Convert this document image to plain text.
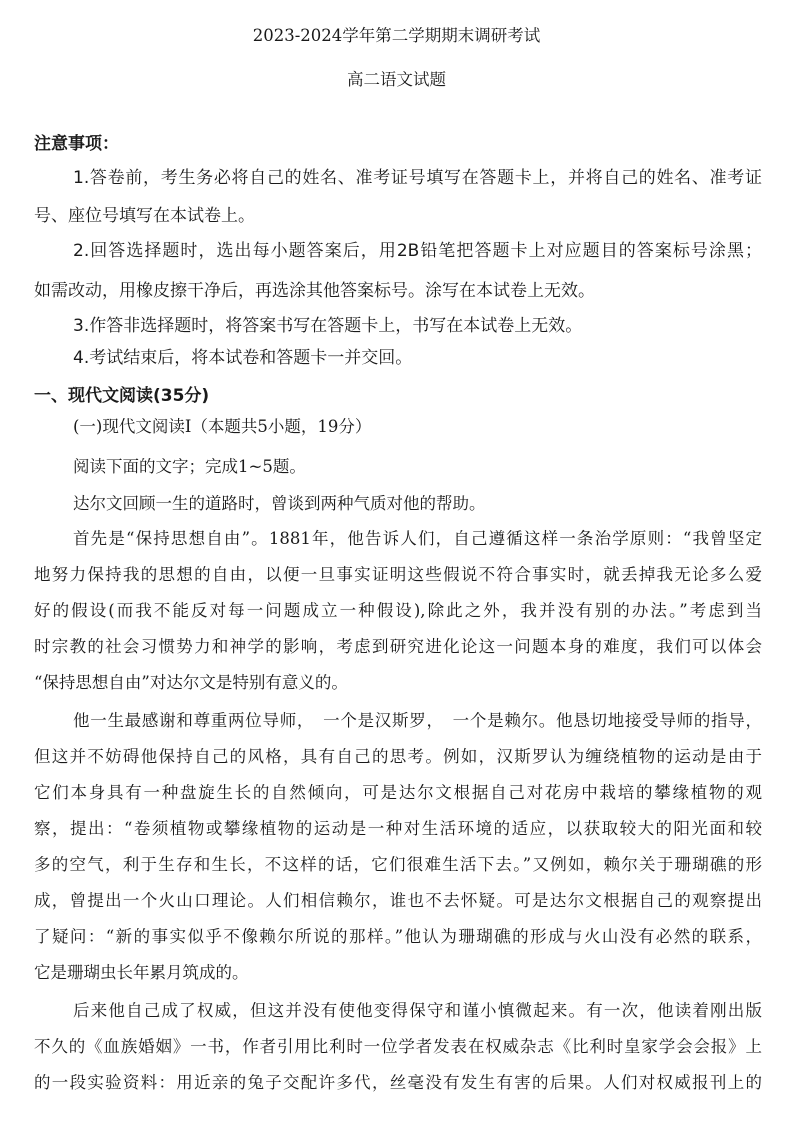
2023-2024学年第二学期期末调研考试
高二语文试题
注意事项：
1.答卷前，考生务必将自己的姓名、准考证号填写在答题卡上，并将自己的姓名、准考证
号、座位号填写在本试卷上。
2.回答选择题时，选出每小题答案后，用2B铅笔把答题卡上对应题目的答案标号涂黑；
如需改动，用橡皮擦干净后，再选涂其他答案标号。涂写在本试卷上无效。
3.作答非选择题时，将答案书写在答题卡上，书写在本试卷上无效。
4.考试结束后，将本试卷和答题卡一并交回。
一、现代文阅读(35分)
(一)现代文阅读Ⅰ（本题共5小题，19分）
阅读下面的文字；完成1~5题。
达尔文回顾一生的道路时，曾谈到两种气质对他的帮助。
首先是“保持思想自由”。1881年，他告诉人们，自己遵循这样一条治学原则：“我曾坚定
地努力保持我的思想的自由，以便一旦事实证明这些假说不符合事实时，就丢掉我无论多么爱
好的假设(而我不能反对每一问题成立一种假设),除此之外，我并没有别的办法。”考虑到当
时宗教的社会习惯势力和神学的影响，考虑到研究进化论这一问题本身的难度，我们可以体会
“保持思想自由”对达尔文是特别有意义的。
他一生最感谢和尊重两位导师，　一个是汉斯罗，　一个是赖尔。他恳切地接受导师的指导，
但这并不妨碍他保持自己的风格，具有自己的思考。例如，汉斯罗认为缠绕植物的运动是由于
它们本身具有一种盘旋生长的自然倾向，可是达尔文根据自己对花房中栽培的攀缘植物的观
察，提出：“卷须植物或攀缘植物的运动是一种对生活环境的适应，以获取较大的阳光面和较
多的空气，利于生存和生长，不这样的话，它们很难生活下去。”又例如，赖尔关于珊瑚礁的形
成，曾提出一个火山口理论。人们相信赖尔，谁也不去怀疑。可是达尔文根据自己的观察提出
了疑问：“新的事实似乎不像赖尔所说的那样。”他认为珊瑚礁的形成与火山没有必然的联系，
它是珊瑚虫长年累月筑成的。
后来他自己成了权威，但这并没有使他变得保守和谨小慎微起来。有一次，他读着刚出版
不久的《血族婚姻》一书，作者引用比利时一位学者发表在权威杂志《比利时皇家学会会报》上
的一段实验资料：用近亲的兔子交配许多代，丝毫没有发生有害的后果。人们对权威报刊上的
